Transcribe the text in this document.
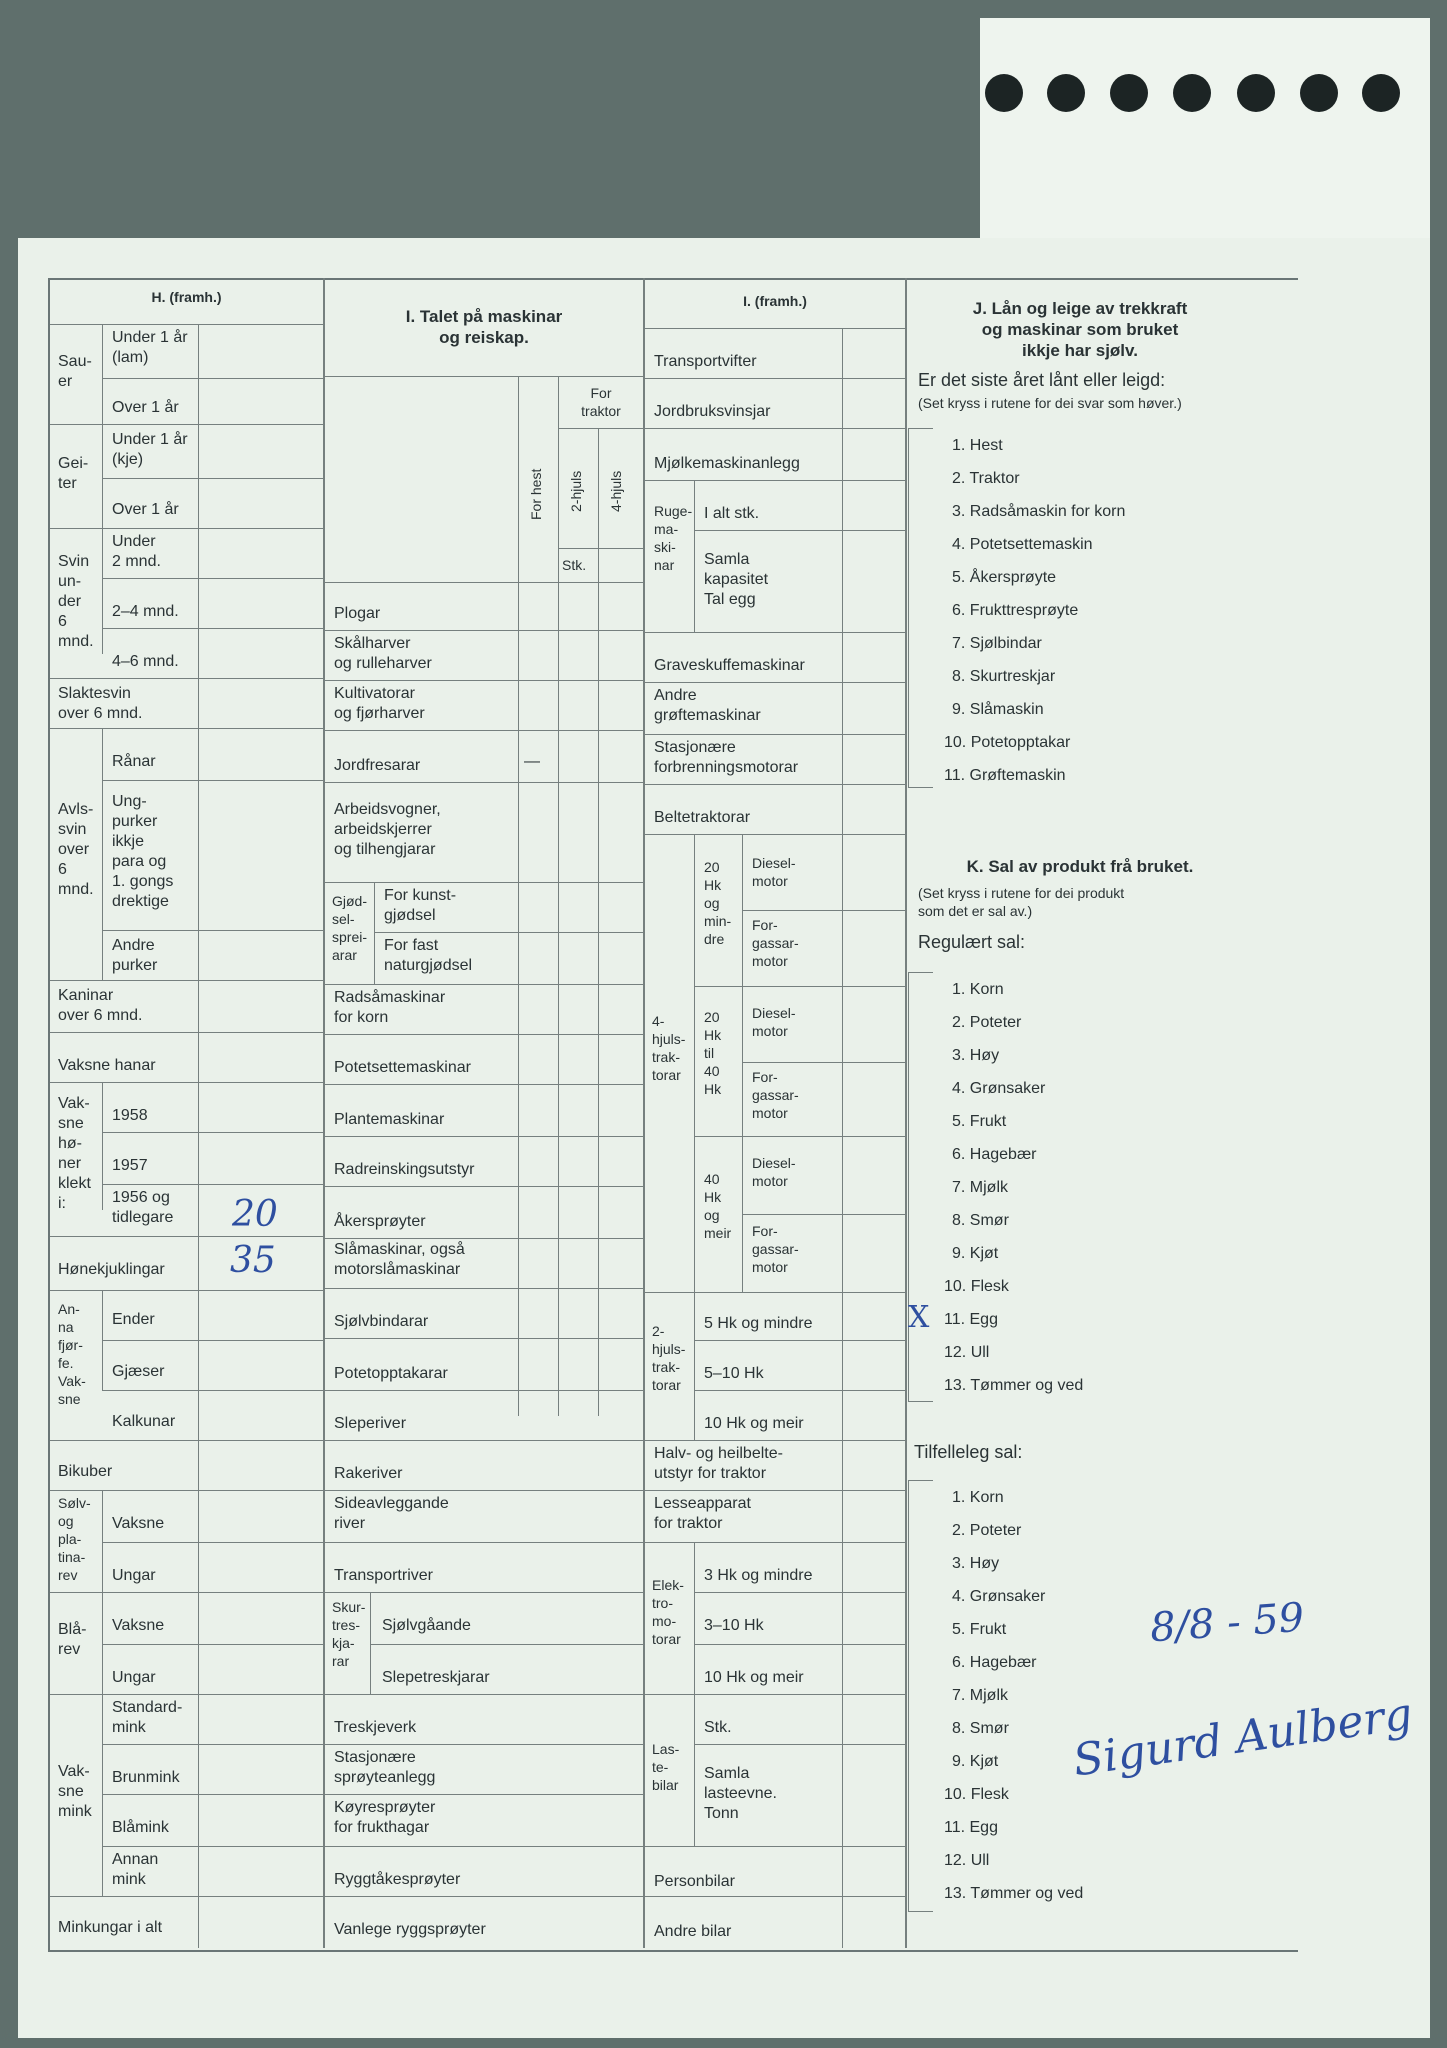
H. (framh.)
Sau-
er
Under 1 år
(lam)
Over 1 år
Gei-
ter
Under 1 år
(kje)
Over 1 år
Svin
un-
der
6
mnd.
Under
2 mnd.
2–4 mnd.
4–6 mnd.
Slaktesvin
over 6 mnd.
Avls-
svin
over
6
mnd.
Rånar
Ung-
purker
ikkje
para og
1. gongs
drektige
Andre
purker
Kaninar
over 6 mnd.
Vaksne hanar
Vak-
sne
hø-
ner
klekt
i:
1958
1957
1956 og
tidlegare 20
Hønekjuklingar 35
An-
na
fjør-
fe.
Vak-
sne
Ender
Gjæser
Kalkunar
Bikuber
Sølv-
og
pla-
tina-
rev
Vaksne
Ungar
Blå-
rev
Vaksne
Ungar
Vak-
sne
mink
Standard-
mink
Brunmink
Blåmink
Annan
mink
Minkungar i alt
I. Talet på maskinar
og reiskap.
For
traktor
For hest 2-hjuls 4-hjuls
Stk.
Plogar
Skålharver
og rulleharver
Kultivatorar
og fjørharver
Jordfresarar	—
Arbeidsvogner,
arbeidskjerrer
og tilhengjarar
Gjød-
sel-
sprei-
arar
For kunst-
gjødsel
For fast
naturgjødsel
Radsåmaskinar
for korn
Potetsettemaskinar
Plantemaskinar
Radreinskingsutstyr
Åkersprøyter
Slåmaskinar, også
motorslåmaskinar
Sjølvbindarar
Potetopptakarar
Sleperiver
Rakeriver
Sideavleggande
river
Transportriver
Skur-
tres-
kja-
rar
Sjølvgåande
Slepetreskjarar
Treskjeverk
Stasjonære
sprøyteanlegg
Køyresprøyter
for frukthagar
Ryggtåkesprøyter
Vanlege ryggsprøyter
I. (framh.)
Transportvifter
Jordbruksvinsjar
Mjølkemaskinanlegg
Ruge-
ma-
ski-
nar
I alt stk.
Samla
kapasitet
Tal egg
Graveskuffemaskinar
Andre
grøftemaskinar
Stasjonære
forbrenningsmotorar
Beltetraktorar
4-
hjuls-
trak-
torar
20
Hk
og
min-
dre
Diesel-
motor
For-
gassar-
motor
20
Hk
til
40
Hk
Diesel-
motor
For-
gassar-
motor
40
Hk
og
meir
Diesel-
motor
For-
gassar-
motor
2-
hjuls-
trak-
torar
5 Hk og mindre
5–10 Hk
10 Hk og meir
Halv- og heilbelte-
utstyr for traktor
Lesseapparat
for traktor
Elek-
tro-
mo-
torar
3 Hk og mindre
3–10 Hk
10 Hk og meir
Las-
te-
bilar
Stk.
Samla
lasteevne.
Tonn
Personbilar
Andre bilar
J. Lån og leige av trekkraft
og maskinar som bruket
ikkje har sjølv.
Er det siste året lånt eller leigd:
(Set kryss i rutene for dei svar som høver.)
1. Hest
2. Traktor
3. Radsåmaskin for korn
4. Potetsettemaskin
5. Åkersprøyte
6. Frukttresprøyte
7. Sjølbindar
8. Skurtreskjar
9. Slåmaskin
10. Potetopptakar
11. Grøftemaskin
K. Sal av produkt frå bruket.
(Set kryss i rutene for dei produkt
som det er sal av.)
Regulært sal:
1. Korn
2. Poteter
3. Høy
4. Grønsaker
5. Frukt
6. Hagebær
7. Mjølk
8. Smør
9. Kjøt
10. Flesk
11. Egg
X
12. Ull
13. Tømmer og ved
Tilfelleleg sal:
1. Korn
2. Poteter
3. Høy
4. Grønsaker
5. Frukt
6. Hagebær
7. Mjølk
8. Smør
9. Kjøt
10. Flesk
11. Egg
12. Ull
13. Tømmer og ved
8/8 - 59
Sigurd Aulberg
